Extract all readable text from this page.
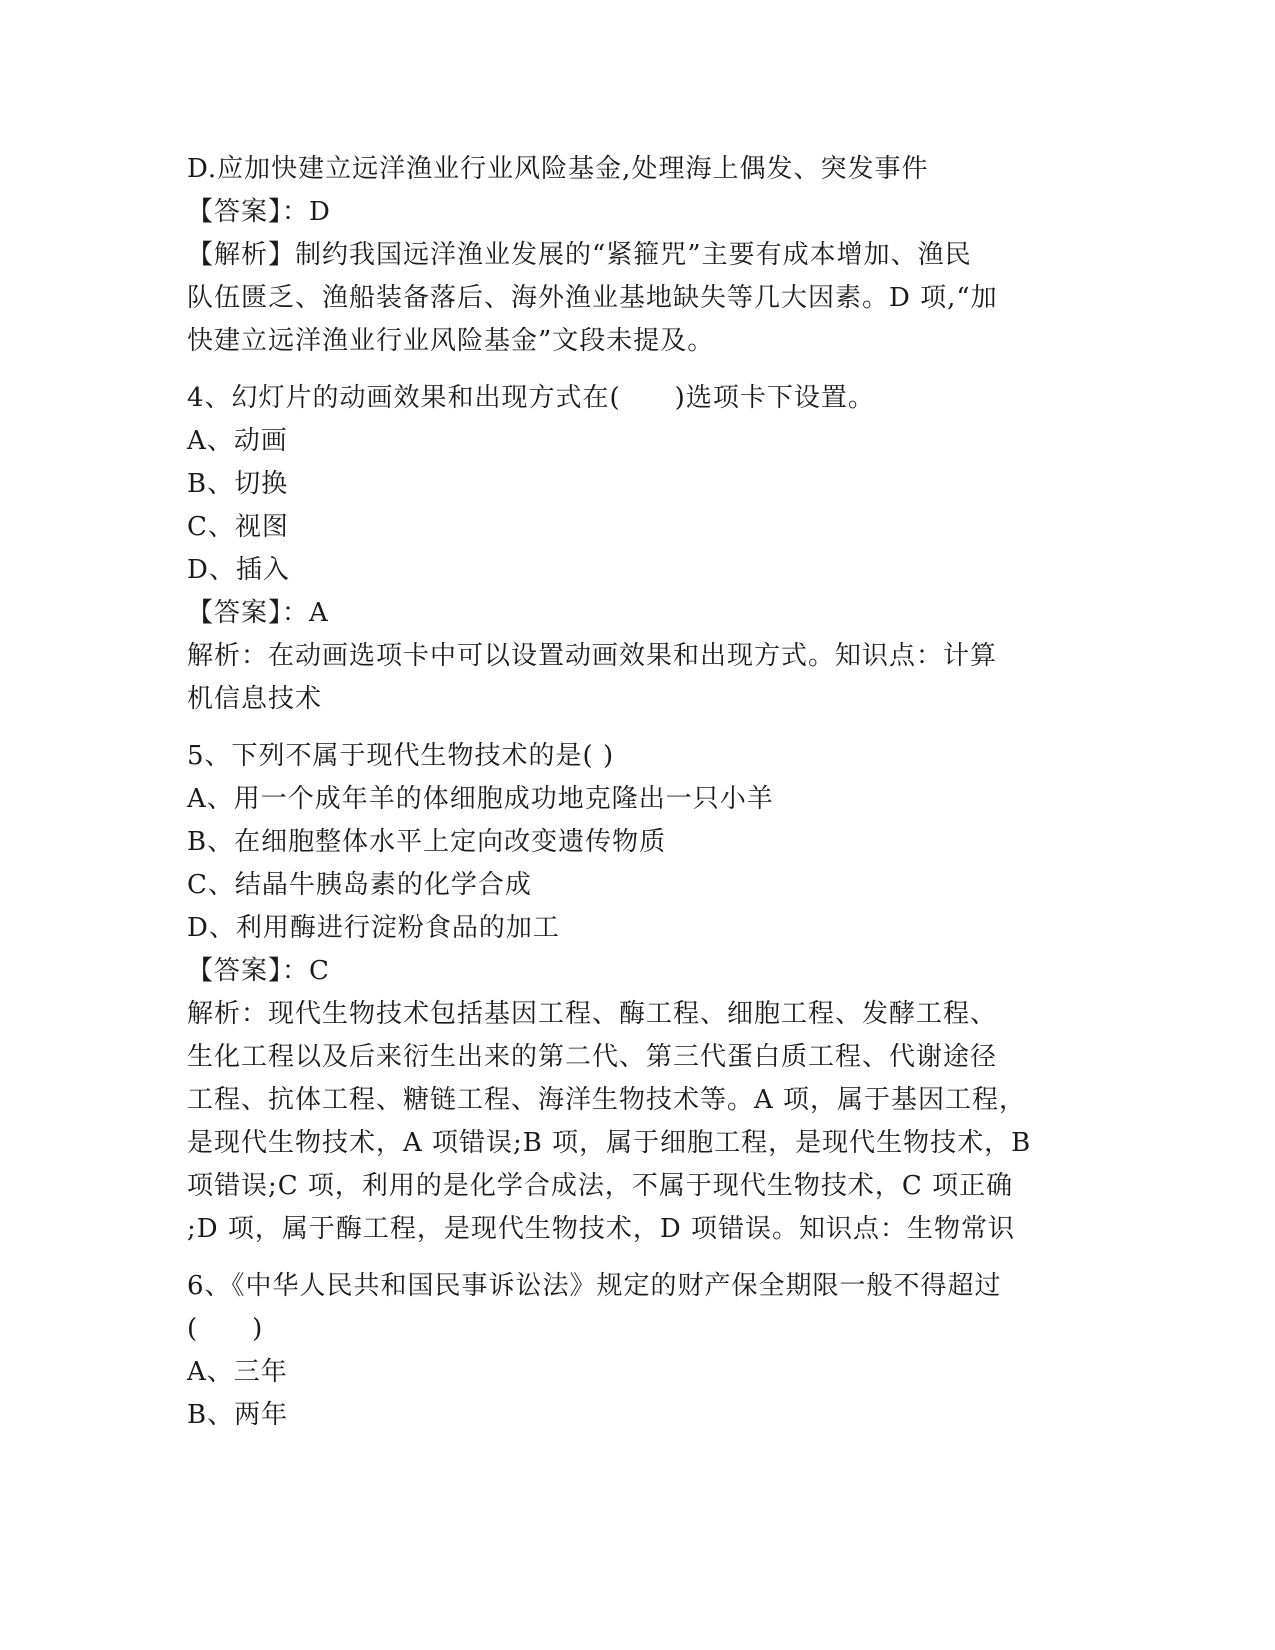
D.应加快建立远洋渔业行业风险基金,处理海上偶发、突发事件
【答案】：D
【解析】制约我国远洋渔业发展的“紧箍咒”主要有成本增加、渔民
队伍匮乏、渔船装备落后、海外渔业基地缺失等几大因素。D 项,“加
快建立远洋渔业行业风险基金”文段未提及。
4、幻灯片的动画效果和出现方式在(　　)选项卡下设置。
A、动画
B、切换
C、视图
D、插入
【答案】：A
解析：在动画选项卡中可以设置动画效果和出现方式。知识点：计算
机信息技术
5、下列不属于现代生物技术的是( )
A、用一个成年羊的体细胞成功地克隆出一只小羊
B、在细胞整体水平上定向改变遗传物质
C、结晶牛胰岛素的化学合成
D、利用酶进行淀粉食品的加工
【答案】：C
解析：现代生物技术包括基因工程、酶工程、细胞工程、发酵工程、
生化工程以及后来衍生出来的第二代、第三代蛋白质工程、代谢途径
工程、抗体工程、糖链工程、海洋生物技术等。A 项，属于基因工程，
是现代生物技术，A 项错误;B 项，属于细胞工程，是现代生物技术，B
项错误;C 项，利用的是化学合成法，不属于现代生物技术，C 项正确
;D 项，属于酶工程，是现代生物技术，D 项错误。知识点：生物常识
6、《中华人民共和国民事诉讼法》规定的财产保全期限一般不得超过
(　　)
A、三年
B、两年
